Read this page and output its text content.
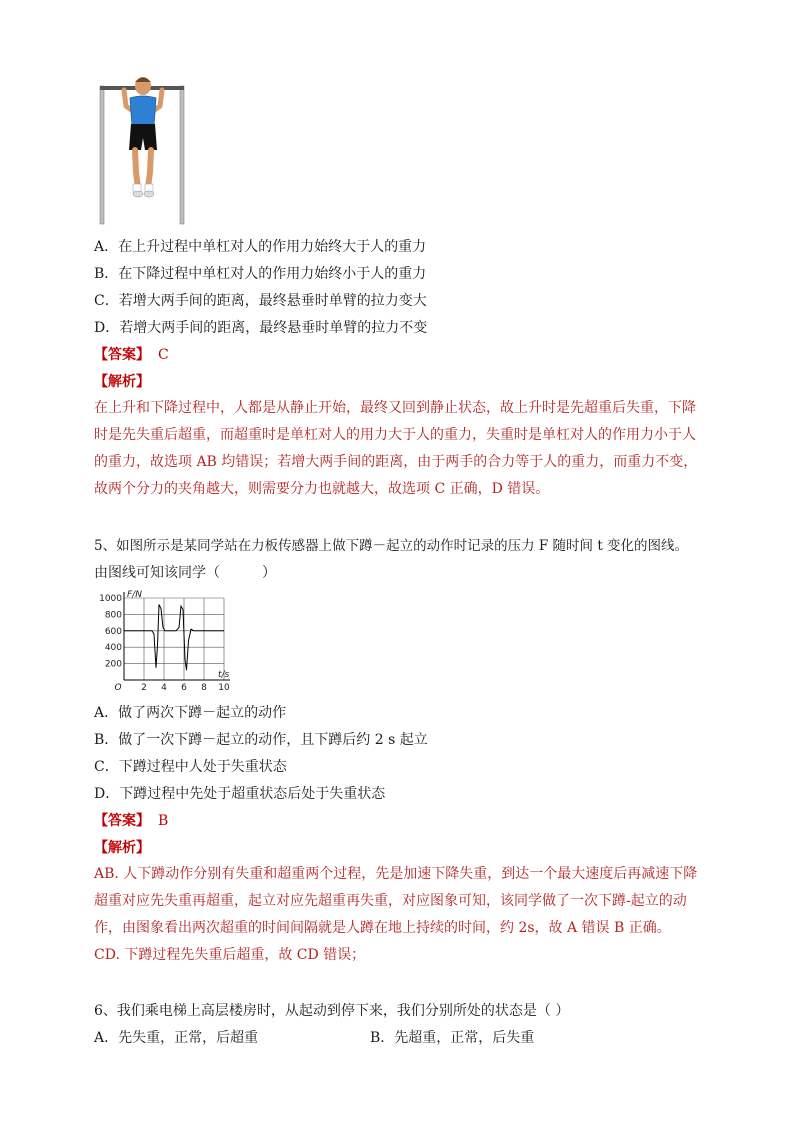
A．在上升过程中单杠对人的作用力始终大于人的重力
B．在下降过程中单杠对人的作用力始终小于人的重力
C．若增大两手间的距离，最终悬垂时单臂的拉力变大
D．若增大两手间的距离，最终悬垂时单臂的拉力不变
【答案】 C
【解析】
在上升和下降过程中，人都是从静止开始，最终又回到静止状态，故上升时是先超重后失重，下降
时是先失重后超重，而超重时是单杠对人的用力大于人的重力，失重时是单杠对人的作用力小于人
的重力，故选项 AB 均错误；若增大两手间的距离，由于两手的合力等于人的重力，而重力不变，
故两个分力的夹角越大，则需要分力也就越大，故选项 C 正确，D 错误。
5、如图所示是某同学站在力板传感器上做下蹲－起立的动作时记录的压力 F 随时间 t 变化的图线。
由图线可知该同学（　　　）
1000
800
600
400
200
2 4 6 8 10
O
F/N
t/s
A．做了两次下蹲－起立的动作
B．做了一次下蹲－起立的动作，且下蹲后约 2 s 起立
C．下蹲过程中人处于失重状态
D．下蹲过程中先处于超重状态后处于失重状态
【答案】 B
【解析】
AB. 人下蹲动作分别有失重和超重两个过程，先是加速下降失重，到达一个最大速度后再减速下降
超重对应先失重再超重，起立对应先超重再失重，对应图象可知，该同学做了一次下蹲-起立的动
作，由图象看出两次超重的时间间隔就是人蹲在地上持续的时间，约 2s，故 A 错误 B 正确。
CD. 下蹲过程先失重后超重，故 CD 错误；
6、我们乘电梯上高层楼房时，从起动到停下来，我们分别所处的状态是（ ）
A．先失重，正常，后超重	B．先超重，正常，后失重
